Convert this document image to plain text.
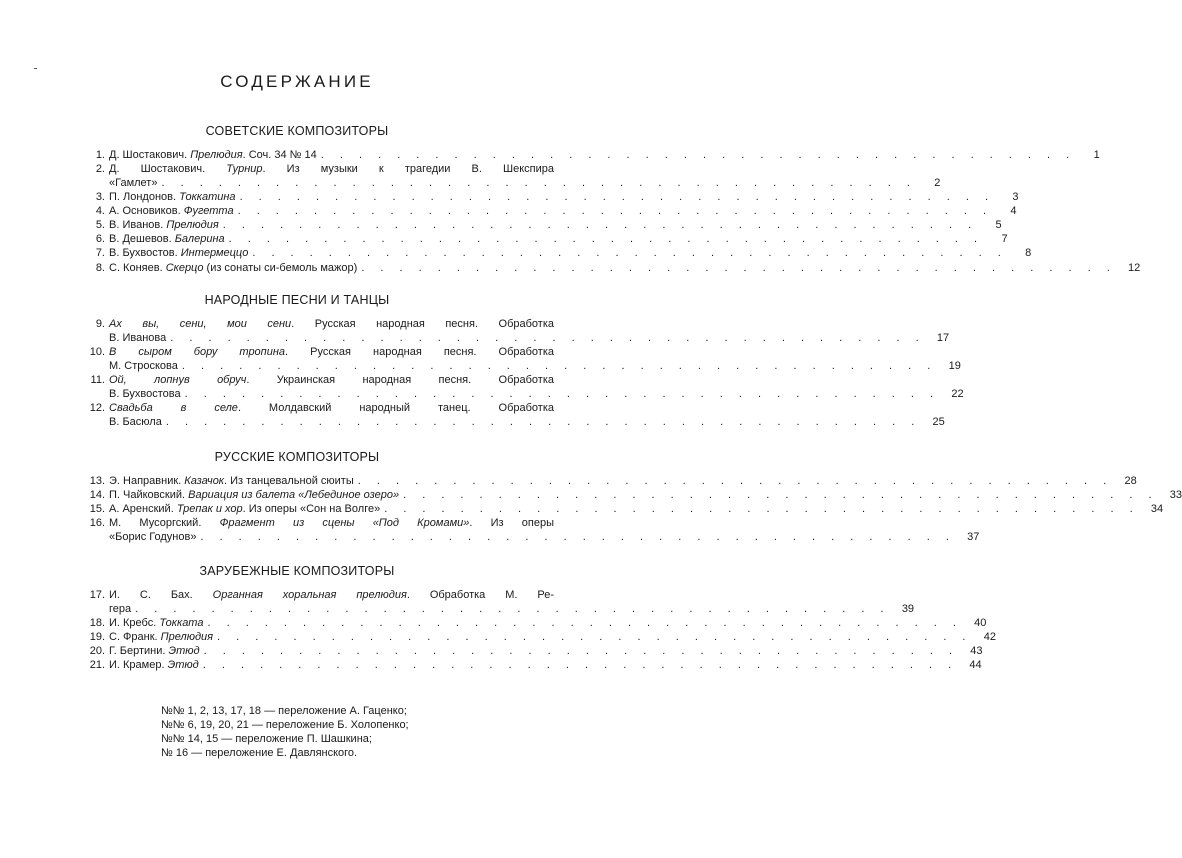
СОДЕРЖАНИЕ
СОВЕТСКИЕ КОМПОЗИТОРЫ
1. Д. Шостакович. Прелюдия. Соч. 34 № 14 . . . . . . . . . . . . . . . . . . . . . . . . . . . . . . . . . . . . . . . .	1
2. Д. Шостакович. Турнир. Из музыки к трагедии В. Шекспира
«Гамлет» . . . . . . . . . . . . . . . . . . . . . . . . . . . . . . . . . . . . . . . .	2
3. П. Лондонов. Токкатина . . . . . . . . . . . . . . . . . . . . . . . . . . . . . . . . . . . . . . . .	3
4. А. Основиков. Фугетта . . . . . . . . . . . . . . . . . . . . . . . . . . . . . . . . . . . . . . . .	4
5. В. Иванов. Прелюдия . . . . . . . . . . . . . . . . . . . . . . . . . . . . . . . . . . . . . . . .	5
6. В. Дешевов. Балерина . . . . . . . . . . . . . . . . . . . . . . . . . . . . . . . . . . . . . . . .	7
7. В. Бухвостов. Интермеццо . . . . . . . . . . . . . . . . . . . . . . . . . . . . . . . . . . . . . . . .	8
8. С. Коняев. Скерцо (из сонаты си-бемоль мажор) . . . . . . . . . . . . . . . . . . . . . . . . . . . . . . . . . . . . . . . .	12
НАРОДНЫЕ ПЕСНИ И ТАНЦЫ
9. Ах вы, сени, мои сени. Русская народная песня. Обработка
В. Иванова . . . . . . . . . . . . . . . . . . . . . . . . . . . . . . . . . . . . . . . .	17
10. В сыром бору тропина. Русская народная песня. Обработка
М. Строскова . . . . . . . . . . . . . . . . . . . . . . . . . . . . . . . . . . . . . . . .	19
11. Ой, лопнув обруч. Украинская народная песня. Обработка
В. Бухвостова . . . . . . . . . . . . . . . . . . . . . . . . . . . . . . . . . . . . . . . .	22
12. Свадьба в селе. Молдавский народный танец. Обработка
В. Басюла . . . . . . . . . . . . . . . . . . . . . . . . . . . . . . . . . . . . . . . .	25
РУССКИЕ КОМПОЗИТОРЫ
13. Э. Направник. Казачок. Из танцевальной сюиты . . . . . . . . . . . . . . . . . . . . . . . . . . . . . . . . . . . . . . . .	28
14. П. Чайковский. Вариация из балета «Лебединое озеро» . . . . . . . . . . . . . . . . . . . . . . . . . . . . . . . . . . . . . . . .	33
15. А. Аренский. Трепак и хор. Из оперы «Сон на Волге» . . . . . . . . . . . . . . . . . . . . . . . . . . . . . . . . . . . . . . . .	34
16. М. Мусоргский. Фрагмент из сцены «Под Кромами». Из оперы
«Борис Годунов» . . . . . . . . . . . . . . . . . . . . . . . . . . . . . . . . . . . . . . . .	37
ЗАРУБЕЖНЫЕ КОМПОЗИТОРЫ
17. И. С. Бах. Органная хоральная прелюдия. Обработка М. Ре-
гера . . . . . . . . . . . . . . . . . . . . . . . . . . . . . . . . . . . . . . . .	39
18. И. Кребс. Токката . . . . . . . . . . . . . . . . . . . . . . . . . . . . . . . . . . . . . . . .	40
19. С. Франк. Прелюдия . . . . . . . . . . . . . . . . . . . . . . . . . . . . . . . . . . . . . . . .	42
20. Г. Бертини. Этюд . . . . . . . . . . . . . . . . . . . . . . . . . . . . . . . . . . . . . . . .	43
21. И. Крамер. Этюд . . . . . . . . . . . . . . . . . . . . . . . . . . . . . . . . . . . . . . . .	44
№№ 1, 2, 13, 17, 18 — переложение А. Гаценко;
№№ 6, 19, 20, 21 — переложение Б. Холопенко;
№№ 14, 15 — переложение П. Шашкина;
№ 16 — переложение Е. Давлянского.
